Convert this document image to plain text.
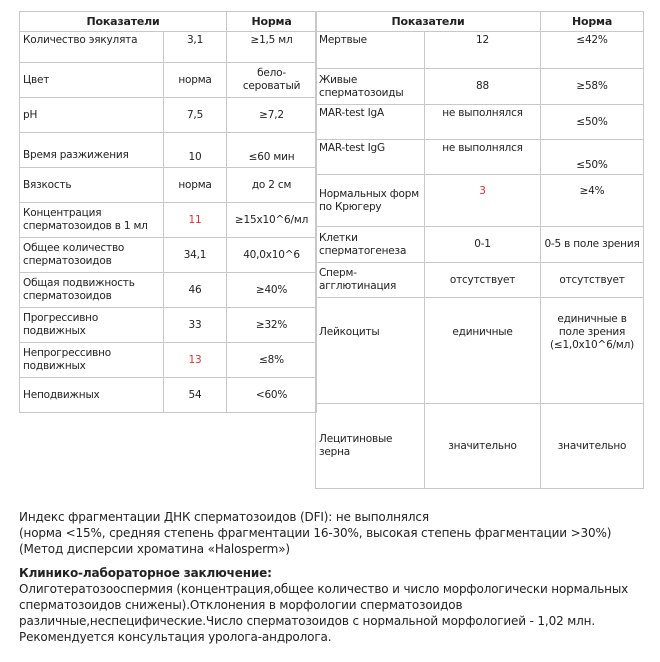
Показатели		Норма
Количество эякулята	3,1	≥1,5 мл
Цвет	норма	бело-сероватый
pH	7,5	≥7,2
Время разжижения	10	≤60 мин
Вязкость	норма	до 2 см
Концентрация сперматозоидов в 1 мл	11	≥15x10^6/мл
Общее количество сперматозоидов	34,1	40,0x10^6
Общая подвижность сперматозоидов	46	≥40%
Прогрессивно подвижных	33	≥32%
Непрогрессивно подвижных	13	≤8%
Неподвижных	54	<60%
Показатели		Норма
Мертвые	12	≤42%
Живые сперматозоиды	88	≥58%
MAR-test IgA	не выполнялся	≤50%
MAR-test IgG	не выполнялся	≤50%
Нормальных форм по Крюгеру	3	≥4%
Клетки сперматогенеза	0-1	0-5 в поле зрения
Сперм-агглютинация	отсутствует	отсутствует
Лейкоциты	единичные	единичные в поле зрения (≤1,0x10^6/мл)
Лецитиновые зерна	значительно	значительно

Индекс фрагментации ДНК сперматозоидов (DFI): не выполнялся

(норма <15%, средняя степень фрагментации 16-30%, высокая степень фрагментации >30%)

(Метод дисперсии хроматина «Halosperm»)

Клинико-лабораторное заключение:

Олиготератозооспермия (концентрация,общее количество и число морфологически нормальных

сперматозоидов снижены).Отклонения в морфологии сперматозоидов

различные,неспецифические.Число сперматозоидов с нормальной морфологией - 1,02 млн.

Рекомендуется консультация уролога-андролога.
